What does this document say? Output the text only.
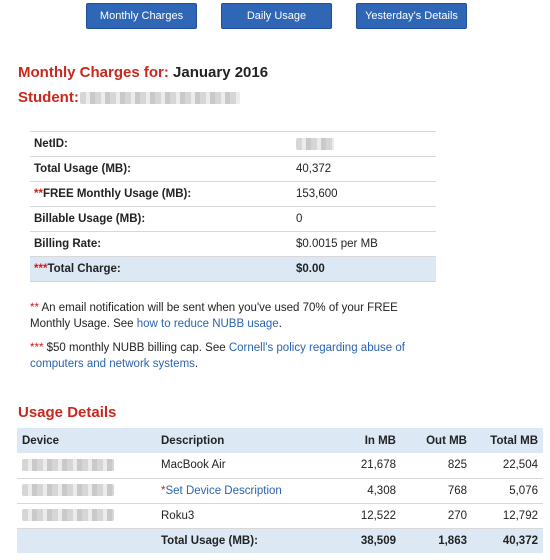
Monthly Charges	Daily Usage	Yesterday's Details
Monthly Charges for: January 2016
Student:
NetID:	
Total Usage (MB):	40,372
**FREE Monthly Usage (MB):	153,600
Billable Usage (MB):	0
Billing Rate:	$0.0015 per MB
***Total Charge:	$0.00
** An email notification will be sent when you've used 70% of your FREE Monthly Usage. See how to reduce NUBB usage.
*** $50 monthly NUBB billing cap. See Cornell's policy regarding abuse of computers and network systems.
Usage Details
Device	Description	In MB	Out MB	Total MB
	MacBook Air	21,678	825	22,504
	*Set Device Description	4,308	768	5,076
	Roku3	12,522	270	12,792
	Total Usage (MB):	38,509	1,863	40,372
